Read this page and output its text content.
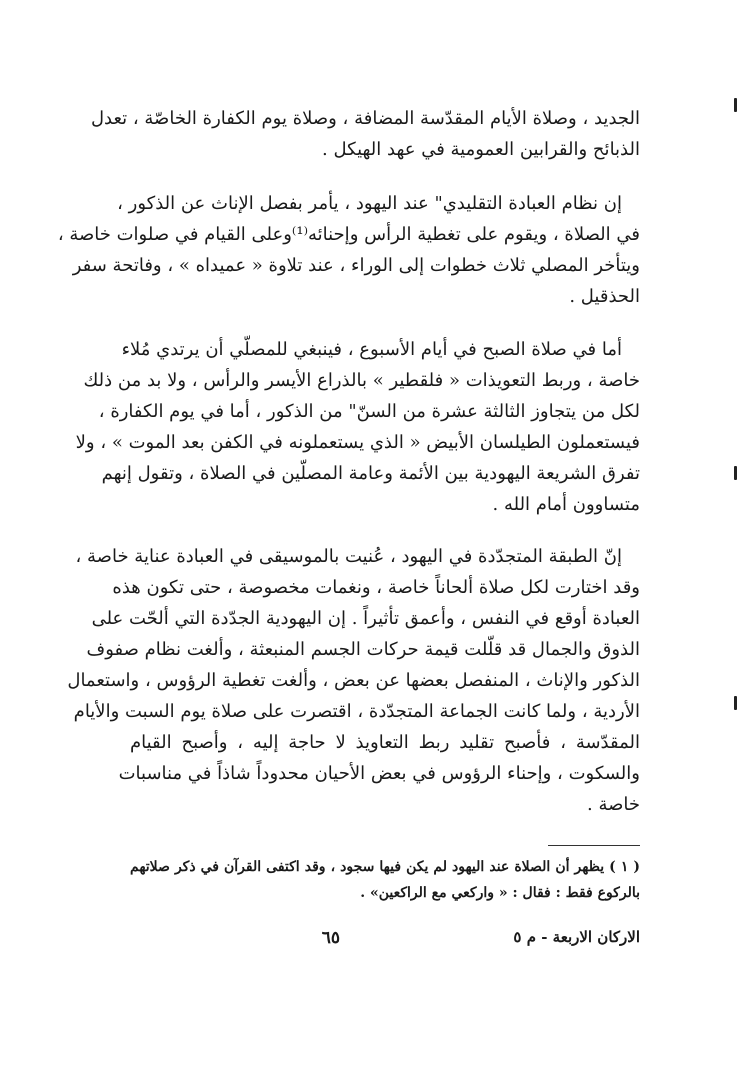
الجديد ، وصلاة الأيام المقدّسة المضافة ، وصلاة يوم الكفارة الخاصّة ، تعدل
الذبائح والقرابين العمومية في عهد الهيكل .
إن نظام العبادة التقليدي" عند اليهود ، يأمر بفصل الإناث عن الذكور ،
في الصلاة ، ويقوم على تغطية الرأس وإحنائه⁽¹⁾وعلى القيام في صلوات خاصة ،
ويتأخر المصلي ثلاث خطوات إلى الوراء ، عند تلاوة « عميداه » ، وفاتحة سفر
الحذقيل .
أما في صلاة الصبح في أيام الأسبوع ، فينبغي للمصلّي أن يرتدي مُلاء
خاصة ، وربط التعويذات « فلقطير » بالذراع الأيسر والرأس ، ولا بد من ذلك
لكل من يتجاوز الثالثة عشرة من السنّ" من الذكور ، أما في يوم الكفارة ،
فيستعملون الطيلسان الأبيض « الذي يستعملونه في الكفن بعد الموت » ، ولا
تفرق الشريعة اليهودية بين الأئمة وعامة المصلّين في الصلاة ، وتقول إنهم
متساوون أمام الله .
إنّ الطبقة المتجدّدة في اليهود ، عُنيت بالموسيقى في العبادة عناية خاصة ،
وقد اختارت لكل صلاة ألحاناً خاصة ، ونغمات مخصوصة ، حتى تكون هذه
العبادة أوقع في النفس ، وأعمق تأثيراً . إن اليهودية الجدّدة التي ألحّت على
الذوق والجمال قد قلّلت قيمة حركات الجسم المنبعثة ، وألغت نظام صفوف
الذكور والإناث ، المنفصل بعضها عن بعض ، وألغت تغطية الرؤوس ، واستعمال
الأردية ، ولما كانت الجماعة المتجدّدة ، اقتصرت على صلاة يوم السبت والأيام
المقدّسة ، فأصبح تقليد ربط التعاويذ لا حاجة إليه ، وأصبح القيام
والسكوت ، وإحناء الرؤوس في بعض الأحيان محدوداً شاذاً في مناسبات
خاصة .
( ١ ) يظهر أن الصلاة عند اليهود لم يكن فيها سجود ، وقد اكتفى القرآن في ذكر صلاتهم
بالركوع فقط : فقال : « واركعي مع الراكعين» .
الاركان الاربعة - م ٥
٦٥
